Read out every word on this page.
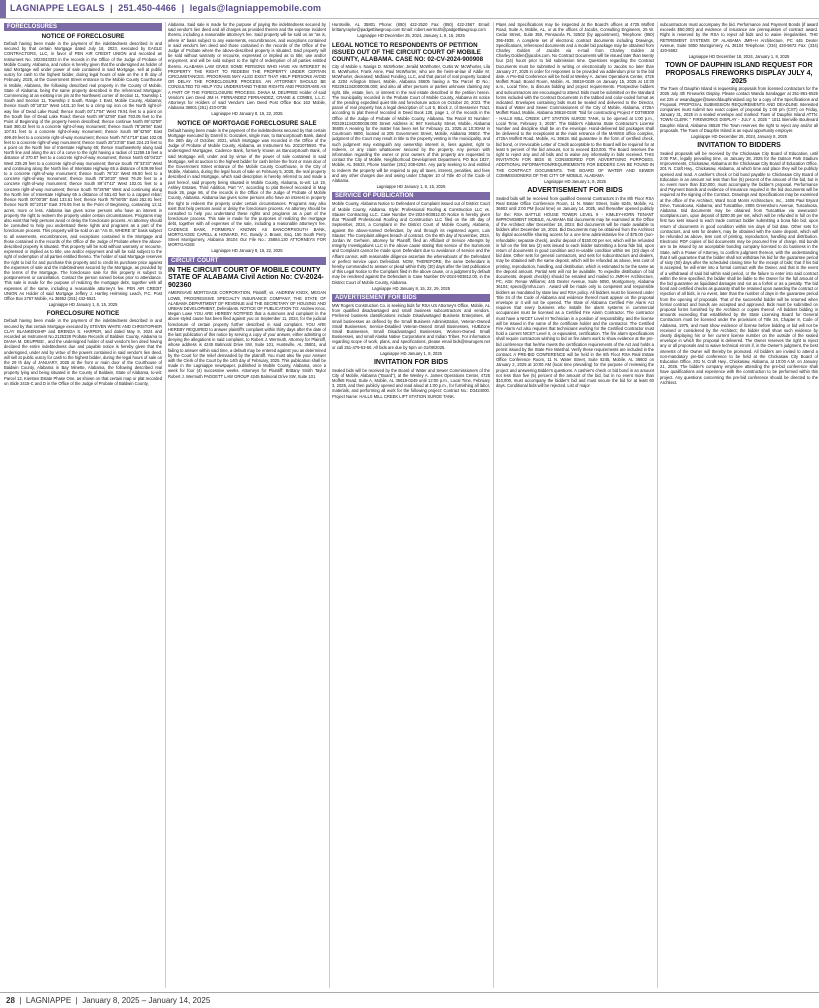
LAGNIAPPE LEGALS  |  251.450-4466  |  legals@lagniappemobile.com
FORECLOSURES
NOTICE OF FORECLOSURE

Default having been made in the payment of the indebtedness described in and secured by that certain Mortgage dated July 18, 2023, executed by EAGLE CONTRACTORS, LLC, in favor of PEN AIR CREDIT UNION and recorded as Instrument No. 2023043333 in the records in the Office of the Judge of Probate of Mobile County, Alabama, and notice is hereby given that the undersigned as holder of said Mortgage will under power of sale contained in said Mortgage, sell at public outcry for cash to the highest bidder, during legal hours of sale on the 4 th day of February, 2025, at the Government Street entrance to the Mobile County Courthouse in Mobile, Alabama, the following described real property in the County of Mobile, State of Alabama, being the same property described in the referenced Mortgage: Commencing at an existing iron pin at the Northwest corner of Section 11, Township 1 South and Section 11, Township 2 South, Range 1 East, Mobile County, Alabama; thence South 00°18'32" West 1431.10 feet to a crimp top iron on the North right-of-way line of Dead Lake Road; thence South 00°17'04" West 79.91 feet to a point on the South line of Dead Lake Road; thence North 89°42'59" East 793.05 feet to the Point of Beginning of the property herein described; thence continue North 89°42'59" East 380.42 feet to a concrete right-of-way monument; thence South 78°26'56" East 107.81 feet to a concrete right-of-way monument; thence South 89°42'59" East 499.49 feet to a concrete right-of-way monument; thence North 78°47'19" East 102.05 feet to a concrete right-of-way monument; thence South 28°23'46" East 224.23 feet to a point on the North line of Interstate Highway 65; thence Southwesterly along said North line and along the arc of a curve to the right having a radius of 11259.16 feet a distance of 370.67 feet to a concrete right-of-way monument; thence North 65°04'22" West 235.29 feet to a concrete right-of-way monument; thence South 78°33'33" West and continuing along the North line of Interstate Highway 65 a distance of 639.99 feet to a concrete right-of-way monument; thence South 78°22' West 85.50 feet to a concrete right-of-way monument; thence South 78°26'20" West 76.29 feet to a concrete right-of-way monument; thence South 89°47'42" West 102.01 feet to a concrete right-of-way monument; thence South 78°26'56" West and continuing along the North line of Interstate Highway 65 a distance of 551.63 feet to a capped rebar; thence North 00°00'39" East 133.61 feet; thence North 78°56'05" East 252.91 feet; thence North 00°19'16" East 376.05 feet to the Point of Beginning, containing 12.11 acres, more or less. Alabama law gives some persons who have an interest in property the right to redeem the property under certain circumstances. Programs may also exist that help persons avoid or delay the foreclosure process. An attorney should be consulted to help you understand these rights and programs as a part of the foreclosure process. This property will be sold on an "AS IS, WHERE IS" basis subject to all easements, encumbrances, and exceptions contained in the Mortgage and those contained in the records of the Office of the Judge of Probate where the above-described property is situated. This property will be sold without warranty or recourse, expressed or implied as to title, use and/or enjoyment and will be sold subject to the right of redemption of all parties entitled thereto. The holder of said Mortgage reserves the right to bid for and purchase this property and to credit its purchase price against the expenses of sale and the indebtedness secured by the Mortgage, as provided by the terms of the Mortgage. The foreclosure sale for this property is subject to postponement or cancellation. Contact the person named below prior to attendance. This sale is made for the purpose of realizing the mortgage debt, together with all expenses of the same, including a reasonable attorney's fee. PEN AIR CREDIT UNION As Holder of said Mortgage Jeffery J. Hartley Helmsing Leach, P.C. Post Office Box 2767 Mobile, AL 36652 (251) 432-5521

Lagniappe HD January 1, 8, 15, 2025
FORECLOSURE NOTICE

Default having been made in the payment of the indebtedness described in and secured by that certain Mortgage executed by STEVEN WHITE AND CHRISTOPHER CLAY BLANKENSHIP and BRENDA S. HARPER, and dated May 9, 2024 and recorded as Instrument No.2125328 Probate Records of Baldwin County, Alabama to DIANA M. DEUPREE , and the undersigned holder of said vendor's lien deed having declared the entire indebtedness due and payable notice is hereby given that the undersigned, under and by virtue of the powers contained in said vendor's lien deed, will sell at public outcry for cash to the highest bidder, during the legal hours of sale on the 29 th day of JANUARY, 2025 at the front or main door of the Courthouse of Baldwin County, Alabama in Bay Minette, Alabama, the following described real property lying and being situated in the County of Baldwin, State of Alabama, to-wit: Parcel 12, Kiersten Estate Phase One, as shown on that certain map or plat recorded on Slide 2415-C and D in the Office of the Judge of Probate of Baldwin County,

Alabama. Said sale is made for the purpose of paying the indebtedness secured by said vendor's lien deed and all charges as provided therein and the expense incident thereto, including a reasonable attorney's fee. Said property will be sold on an "as is, where is" basis subject to any easements, encumbrances, and exceptions contained in said vendor's lien deed and those contained in the records of the Office of the Judge of Probate where the above-described property is situated. Said property will be sold without warranty or recourse, expressed or implied as to title, use and/or enjoyment, and will be sold subject to the right of redemption of all parties entitled thereto. ALABAMA LAW GIVES SOME PERSONS WHO HAVE AN INTEREST IN PROPERTY THE RIGHT TO REDEEM THE PROPERTY UNDER CERTAIN CIRCUMSTANCES. PROGRAMS MAY ALSO EXIST THAT HELP PERSONS AVOID OR DELAY THE FORECLOSURE PROCESS. AN ATTORNEY SHOULD BE CONSULTED TO HELP YOU UNDERSTAND THESE RIGHTS AND PROGRAMS AS A PART OF THE FORECLOSURE PROCESS. DIANA M. DEUPREE Holder of said Vendor's Lien Deed JIM H. FERNANDEZ FERNANDEZ, CRANE & COMBS, L.L.C. Attorneys for Holders of said Vendor's Lien Deed Post Office Box 162 Mobile, Alabama 36601 (251) 433-0738

Lagniappe HD January 8, 15, 22, 2025
NOTICE OF MORTGAGE FORECLOSURE SALE

Default having been made in the payment of the indebtedness secured by that certain Mortgage executed by Darrell S. Gonzales, single man, to BancorpSouth Bank, dated the 26th day of October, 2021, which Mortgage was recorded in the Office of the Judge of Probate of Mobile County, Alabama, as Instrument No. 2021075593. The undersigned Mortgagee, Cadence Bank, formerly known as BancorpSouth Bank, of said Mortgage will, under and by virtue of the power of sale contained in said Mortgage, sell at auction to the highest bidder for cash before the front or main door of the Government Street entrance of the Mobile County Courthouse, in the City of Mobile, Alabama, during the legal hours of sale on February 5, 2025, the real property described in said Mortgage, which said description is hereby referred to and made a part hereof, said property being situated in Mobile County, Alabama, to-wit: Lot 19, Ashley Estates, Third Addition, Part "A", according to plat thereof recorded in Map Book 26, page 86, of the records in the Office of the Judge of Probate of Mobile County, Alabama. Alabama law gives some persons who have an interest in property the right to redeem the property under certain circumstances. Programs may also exist that help persons avoid or delay the foreclosure process. An attorney should be consulted to help you understand these rights and programs as a part of the foreclosure process. This sale is made for the purposes of realizing the mortgage debt, together with all expenses of the sale, including a reasonable attorney's fee. CADENCE BANK, FORMERLY KNOWN AS BANCORPSOUTH BANK, MORTGAGEE CAPELL & HOWARD, P.C. Bowdy J. Brown, Esq. 150 South Perry Street Montgomery, Alabama 36104 Our File No.: 25884.130 ATTORNEYS FOR MORTGAGEE

Lagniappe HD January 8, 15, 22, 2025
CIRCUIT COURT
IN THE CIRCUIT COURT OF MOBILE COUNTY STATE OF ALABAMA Civil Action No: CV-2024-902360

AMERISAVE MORTGAGE CORPORATION, Plaintiff, vs. ANDREW KNOX, MEGAN LOWE, PROGRESSIVE SPECIALTY INSURANCE COMPANY, THE STATE OF ALABAMA DEPARTMENT OF REVENUE and THE SECRETARY OF HOUSING AND URBAN DEVELOPMENT, Defendants. NOTICE OF PUBLICATION TO: Andrew Knox, Megan Lowe YOU ARE HEREBY NOTIFIED that a summons and complaint in the above styled cause has been filed against you on September 11, 2024, for the judicial foreclosure of certain property further described in said complaint. YOU ARE HEREBY REQUIRED to answer plaintiff's complaint within thirty days after the date of the last publication of this notice by serving a copy of your answer, either admitting or denying the allegations in said complaint, to Robert J. Wermuth, Attorney for Plaintiff, whose address is 4245 Balmoral Drive SW, Suite 101, Huntsville, AL 35801, and failing to answer within said time, a default may be entered against you as determined by the Court for the relief demanded by the plaintiff. You must also file your Answer with the Clerk of the Court by the 14th day of February, 2025. This publication shall be made in the Lagniappe newspaper, published in Mobile County, Alabama, once a week for four (4) successive weeks. Attorneys for Plaintiff: Brittany Smith Taylor Robert J. Wermuth PADGETT LAW GROUP 4245 Balmoral Drive SW, Suite 101

Huntsville, AL 35801 Phone: (850) 422-2520 Fax: (850) 422-2567 Email: brittany.taylor@padgettlawgroup.com Email: robert.wermuth@padgettlawgroup.com

Lagniappe HD December 25, 2024, January 1, 8, 15, 2025
LEGAL NOTICE TO RESPONDENTS OF PETITION ISSUED OUT OF THE CIRCUIT COURT OF MOBILE COUNTY, ALABAMA. CASE NO: 02-CV-2024-900908

City of Mobile v. Nanigs D. McWhorter, Jeraild McWhorter, Curtis W. McWhorter, Lila B. McWhorter, Frank Anne, Paul McWhorter, who are the heirs-at-law of Addie M. McWhorter, deceased; Midland Funding, LLC, and that parcel of real property located at 2204 Arlington Street, Mobile, Alabama 36605 having a Tax Parcel ID No.: R022911342000036.000; and also all other persons or parties unknown claiming any right, title, estate, lien, or interest in the real estate described in the petition herein. The municipality recorded in the Probate Court of Mobile County, Alabama its notice of the pending expedited quiet title and foreclosure action on October 20, 2023. The parcel of real property has a legal description of: Lot 5, Block 2, of Bessemer Tract, according to plat thereof recorded in Deed Book 128, page 1, of the records in the Office of the Judge of Probate of Mobile County, Alabama. Tax Parcel ID Number: R022911342000036.000 Street Address is: 967 Kentucky Street, Mobile, Alabama 36605 A Hearing for the matter has been set for February 21, 2025 at 10:30AM in Courtroom 8600, located at 205 Government Street, Mobile, Alabama 36602. The judgment of the Court may result in title to the property vesting in the municipality, and such judgment may extinguish any ownership interest in, liens against, right to redeem, or any claim whatsoever secured by the property. Any person with information regarding the owner or prior owners of this property are requested to contact the City of Mobile, Neighborhood Development Department, PO Box 1827, Mobile, AL 36633, Phone Number (251) 208-6294. Any party seeking to and entitled to redeem the property will be required to pay all taxes, interest, penalties, and fees and any other charges due and owing under Chapter 10 of Title 40 of the Code of Alabama.

Lagniappe HD January 1, 8, 15, 2025
SERVICE OF PUBLICATION

Mobile County, Alabama Notice to Defendant of Complaint issued out of District Court of Mobile County, Alabama. Style: Professional Roofing & Construction LLC vs. Stauter Contracting LLC. Case Number DV-2024-903812.00 Notice is hereby given that "Plaintiff Professional Roofing and Construction LLC filed on the 4th day of September, 2024, a Complaint in the District Court of Mobile County, Alabama, against the above-named Defendant, by and through its registered agent, Lois Stauter. The Complaint alleges breach of contract. On the 6th day of November, 2024, Jordan W. Gerheim, attorney for Plaintiff, filed an Affidavit of Service Attempts by Integrity Investigations LLC in the above cause stating that service of the Summons and Complaint cannot be made upon Defendant due to avoidance of service and the Affiant cannot, with reasonable diligence ascertain the whereabouts of the Defendant or perfect service upon Defendant. NOW, THEREFORE, the same Defendant is hereby commanded to answer or plead within thirty (30) days after the last publication of this Legal Notice to the Complaint filed in the above cause, or a judgment by default may be rendered against the Defendant in Case Number DV-2024-903812.00, in the District Court of Mobile County, Alabama.

Lagniappe HD January 8, 15, 22, 29, 2025
ADVERTISEMENT FOR BIDS

MW Rogers Construction Co. is seeking bids for RSA US Attorney's Office, Mobile, AL from qualified disadvantaged and small business subcontractors and vendors. Preferred business classifications include Disadvantaged Business Enterprises, all small businesses as defined by the Small Business Administration, Veteran-Owned Small Businesses, Service-Disabled Veteran-Owned Small Businesses, HUBZone Small Businesses, Small Disadvantaged Businesses, Women-Owned Small Businesses, and small Alaska Native Corporations and Indian Tribes. For information regarding scope of work, plans, and specifications, please email bids@mwrogers.net or call 251-479-53-50. All bids are due by 5pm on 01/08/2025.

Lagniappe HD January 1, 8, 2025
INVITATION FOR BIDS

Sealed bids will be received by the Board of Water and Sewer Commissioners of the City of Mobile, Alabama ("Board"), at the Wesley A. James Operations Center, 4725 Moffett Road, Suite A, Mobile, AL 36618-0249 until 12:00 p.m., Local Time, February 3, 2025, and then publicly opened and read aloud at 1:00 p.m., for furnishing all labor, materials, and performing all work for the following project: Contract No.: D3424000. Project Name: HALLS MILL CREEK LIFT STATION SURGE TANK.

Plans and Specifications may be inspected at the Board's offices at 4725 Moffett Road, Suite A, Mobile, AL, or at the offices of Jacobs, Consulting Engineers, 25 W. Cedar Street, Suite 350, Pensacola FL 32502 (by appointment), Telephone: (850) 396-4938. A complete set of electronic contract documents including Drawings, Specifications, referenced documents and a model bid package may be obtained from Charley Golden of Jacobs via e-mail from Charley Golden at Charley.Golden@jacobs.com. No Contract Documents will be issued later than twenty four (24) hours prior to bid submission time. Questions regarding the Contract Documents must be submitted in writing or electronically to Jacobs no later than January 27, 2025 in order for responses to be provided via addendum prior to the bid date. A Pre-Bid Conference will be held at Wesley A. James Operations Center, 4725 Moffett Road, Board Room, Mobile, AL 36618-0249 on January 15, 2025 at 10:30 a.m., Local Time, to discuss bidding and project requirements. Prospective bidders and subcontractors are encouraged to attend. Bids must be submitted on the standard forms included with the Contract Documents in the tabbed and color-coded format as indicated. Envelopes containing bids must be sealed and delivered to the Director, Board of Water and Sewer Commissioners of the City of Mobile, Alabama, 4725A Moffett Road, Mobile, Alabama 36618-0249: "Bid for constructing Project # D3788300 - HALLS MILL CREEK LIFT STATION SURGE TANK, to be opened at 1:00 p.m., Local Time, February 3, 2025". The Bidder's Alabama State Contractor's License Number and discipline shall be on the envelope. Hand-delivered bid packages shall be delivered to the receptionist at the main entrance of the MAWSS office complex, 4725A Moffett Road, Mobile, AL 36618. Bid guarantee in the form of certified check, bid bond, or Irrevocable Letter of Credit acceptable to the Board will be required for at least 5 percent of the bid amount, not to exceed $10,000. The Board reserves the right to reject any and all bids and to waive any informality in bids received. THIS INVITATION FOR BIDS IS CONSIDERED FOR ADVERTISING PURPOSES. ADDITIONAL INFORMATION/REQUIREMENTS FOR BIDDERS CAN BE FOUND IN THE CONTRACT DOCUMENTS. THE BOARD OF WATER AND SEWER COMMISSIONERS OF THE CITY OF MOBILE, ALABAMA

Lagniappe HD January 1, 8, 2025
ADVERTISEMENT FOR BIDS

Sealed bids will be received from qualified General Contractors in the 8th Floor RSA Real Estate Office Conference Room, 11 N. Water Street, Suite 8245, Mobile, AL 36602 until 2:00 PM (local time) on January 14, 2025, and thereafter opened publicly for the: RSA BATTLE HOUSE TOWER LEVEL 9 - KIMLEY-HORN TENANT IMPROVEMENT MOBILE, ALABAMA Bid documents may be examined at the Office of the Architect after December 18, 2024. Bid documents will be made available to bidders after December 18, 2024. Bid Documents may be obtained from the Architect by digital access/file sharing access for a one time administrative fee of $75.00 (non-refundable; separate check), and/or deposit of $150.00 per set, which will be refunded in full on the first two (2) sets issued to each bidder submitting a bona fide bid, upon return of documents in good condition and re-usable condition within ten (10) days of bid date. Other sets for general contractors, and sets for subcontractors and dealers, may be obtained with the same deposit, which will be refunded as above, less cost of printing, reproduction, handling, and distribution, which is estimated to be the same as the deposit amount. Partial sets will not be available. To expedite distribution of bid documents, deposit check(s) should be emailed and mailed to JMR+H Architecture, PC, Attn: Renae Williams; 445 Dexter Avenue, Suite 5050, Montgomery, Alabama 36104; specs@jmrha.com . Award will be made only to competent and responsible bidders as mandated by state law and RSA policy. All bidders must be licensed under Title 34 of the Code of Alabama and evidence thereof must appear on the proposal envelope or it will not be opened. The State of Alabama Certified Fire Alarm Act requires that every business who installs fire alarm systems in commercial occupancies must be licensed as a Certified Fire Alarm Contractor. The contractor must have a NICET Level III Technician in a position of responsibility, and the license will be issued in the name of the certificate holder and the contractor. The Certified Fire Alarm Act also requires that technicians working for the Certified Contractor must hold a current NICET Level II, or equivalent, certification. The fire alarm specifications shall require contractors wishing to bid on fire alarm work to show evidence at the pre-bid conference that he/she meets the certification requirements of the Act and holds a permit issued by the State Fire Marshal. Verify these requirements are included in the contract. A PRE-BID CONFERENCE will be held in the 8th Floor RSA Real Estate Office Conference Room, 11 N. Water Street, Suite 8245, Mobile, AL 36602 on January 2, 2025 at 10:00 AM (local time prevailing) for the purpose of reviewing the project and answering Bidder's questions. A cashier's check or bid bond in an amount not less than five (5) percent of the amount of the bid, but in no event more than $10,000, must accompany the bidder's bid and must secure the bid for at least 60 days. Conditional bids will be rejected. List of major

subcontractors must accompany the bid. Performance and Payment Bonds (if award exceeds $50,000) and evidence of insurance are prerequisites of contract award. Right is reserved by the RSA to reject all bids and to waive irregularities. THE RETIREMENT SYSTEMS OF ALABAMA JMR+H Architecture, PC 445 Dexter Avenue, Suite 5050 Montgomery, AL 36104 Telephone: (334) 420-5672 Fax: (334) 420-5692

Lagniappe HD December 18, 2024, January 1, 8, 2025
TOWN OF DAUPHIN ISLAND REQUEST FOR PROPOSALS FIREWORKS DISPLAY JULY 4, 2025

The Town of Dauphin Island is requesting proposals from licensed contractors for the 2025 July 4th Fireworks Display. Please contact Wanda Sandagger at 251-861-5525 ext 225 or wsandagger@townofdauphinisland.org for a copy of the Specifications and Proposal. PROPOSAL SUBMISSION REQUIREMENTS AND DEADLINE Interested companies must submit two exact copies of proposal by 1:00 pm (CST) on Friday, January 31, 2025 in a sealed envelope and marked: Town of Dauphin Island ATTN: TOWN CLERK " FIREWORKS DISPLAY - JULY 4, 2025 " 1011 Bienville Boulevard Dauphin Island, Alabama 36528 The Town reserves the right to reject any and/or all proposals. The Town of Dauphin Island is an equal opportunity employer.

Lagniappe HD December 25, 2024, January 8, 2025
INVITATION TO BIDDERS

Sealed proposals will be received by the Chickasaw City Board of Education, until 2:00 P.M., legally prevailing time, on January 28, 2025 for the Datson Park Stadium Improvements, Chickasaw, Alabama at the Chickasaw City Board of Education Office, 201 N. Craft Hwy., Chickasaw, Alabama, at which time and place they will be publicly opened and read. A cashier's check or bid bond payable to Chickasaw City Board of Education in an amount not less than five (5) percent of the amount of the bid, but in no event more than $10,000, must accompany the bidder's proposal. Performance and Payment Bonds and evidence of insurance required in the bid documents will be required at the signing of the Contract. Drawings and Specifications may be examined at the office of the Architect, Ward Scott Morris Architecture, Inc., 1606 Paul Bryant Drive, Tuscaloosa, Alabama, and TuscaBlue, 2806 Greensboro Avenue, Tuscaloosa, Alabama. Bid documents may be obtained from TuscaBlue via www.ward-scottplans.com, upon deposit of $200.00 per set, which will be refunded in full on the first two sets issued to each trade contract bidder submitting a bona fide bid, upon return of documents in good condition within ten days of bid date. Other sets for contractors, and sets for dealers, may be obtained with the same deposit, which will be refunded as above, less cost of printing, reproduction, handling and distribution. Electronic PDF copies of bid documents may be procured free of charge. Bid bonds are to be issued by an acceptable bonding company licensed to do business in the State, with a Power of Attorney, to confirm judgment thereon, with the understanding that it will guarantee that the bidder shall not withdraw his bid for the guarantee period of sixty (60) days after the scheduled closing time for the receipt of bids; that if his bid is accepted, he will enter into a formal contract with the Owner, and that in the event of a withdrawal of said bid within said period, or the failure to enter into said contract within the time specified, the bidder shall be liable to the Owner for the full amount of the bid guarantee as liquidated damages and not as a forfeit or as a penalty. The bid bond and certified checks as guaranty shall be retained upon awarding the contract or rejection of all bids, in no event, later than the number of days in the guarantee period from the opening of proposals. That of the successful bidder will be returned when formal contract and bonds are accepted and approved. Bids must be submitted on proposal forms furnished by the Architect or copies thereof. All bidders bidding in amounts exceeding that established by the State Licensing Board for General Contractors must be licensed under the provisions of Title 34, Chapter 8, Code of Alabama, 1975, and must show evidence of license before bidding or bid will not be received or considered by the Architect; the bidder shall show such evidence by clearly displaying his or her current license number on the outside of the sealed envelope in which the proposal is delivered. The Owner reserves the right to reject any or all proposals and to waive technical errors if, in the Owner's judgment, the best interests of the Owner will thereby be promoted. All bidders are invited to attend a non-mandatory pre-bid conference to be held at the Chickasaw City Board of Education Office, 201 N. Craft Hwy., Chickasaw, Alabama, at 10:00 A.M. on January 21, 2025. The bidder's company employee attending the pre-bid conference shall have qualifications and experience with the construction to be performed within this project. Any questions concerning the pre-bid conference should be directed to the Architect.

28  |  LAGNIAPPE  |  January 8, 2025 – January 14, 2025
